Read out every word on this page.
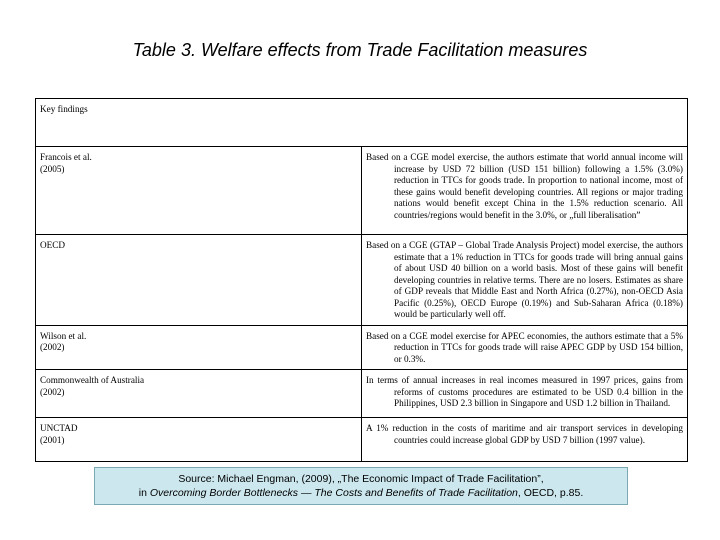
Table 3. Welfare effects from Trade Facilitation measures
Key findings	

Francois et al.
(2005)	Based on a CGE model exercise, the authors estimate that world annual income will increase by USD 72 billion (USD 151 billion) following a 1.5% (3.0%) reduction in TTCs for goods trade. In proportion to national income, most of these gains would benefit developing countries. All regions or major trading nations would benefit except China in the 1.5% reduction scenario. All countries/regions would benefit in the 3.0%, or „full liberalisation”

OECD	Based on a CGE (GTAP – Global Trade Analysis Project) model exercise, the authors estimate that a 1% reduction in TTCs for goods trade will bring annual gains of about USD 40 billion on a world basis. Most of these gains will benefit developing countries in relative terms. There are no losers. Estimates as share of GDP reveals that Middle East and North Africa (0.27%), non-OECD Asia Pacific (0.25%), OECD Europe (0.19%) and Sub-Saharan Africa (0.18%) would be particularly well off.

Wilson et al.
(2002)	Based on a CGE model exercise for APEC economies, the authors estimate that a 5% reduction in TTCs for goods trade will raise APEC GDP by USD 154 billion, or 0.3%.

Commonwealth of Australia
(2002)	In terms of annual increases in real incomes measured in 1997 prices, gains from reforms of customs procedures are estimated to be USD 0.4 billion in the Philippines, USD 2.3 billion in Singapore and USD 1.2 billion in Thailand.

UNCTAD
(2001)	A 1% reduction in the costs of maritime and air transport services in developing countries could increase global GDP by USD 7 billion (1997 value).
Source: Michael Engman, (2009), „The Economic Impact of Trade Facilitation”,
in Overcoming Border Bottlenecks — The Costs and Benefits of Trade Facilitation, OECD, p.85.
